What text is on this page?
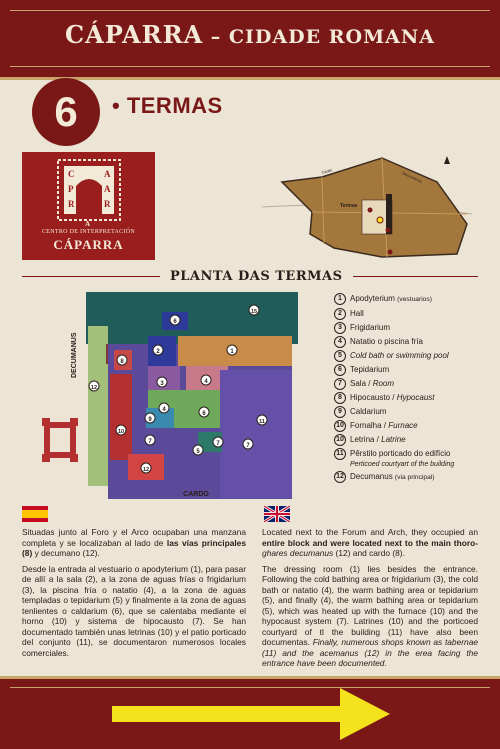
CÁPARRA – CIDADE ROMANA
6	• TERMAS
C	A
P	A
R	R
A
CENTRO DE INTERPRETACIÓN
CÁPARRA
Cardo	Decumanus
Termas
PLANTA DAS TERMAS
DECUMANUS
15
6
2	1
8
3	4
4
9
6
11
10
7	7
5
12
12
7
CARDO
1	Apodyterium (vestuarios)
2	Hall
3	Frigidarium
4	Natatio o piscina fría
5	Cold bath or swimming pool
6	Tepidarium
7	Sala / Room
8	Hipocausto / Hypocaust
9	Caldarium
10 Fornalha / Furnace
10 Letrina / Latrine
11 Pêrstilo porticado do edifício
Perticoed courtyart of the building
12 Decumanus (via principal)

Situadas junto al Foro y el Arco ocupaban una manzana completa y se localizaban al lado de las vías principales (8) y decumano (12).

Desde la entrada al vestuario o apodyterium (1), para pasar de allí a la sala (2), a la zona de aguas frías o frigidarium (3), la piscina fría o natatio (4), a la zona de aguas templadas o tepidarium (5) y finalmente a la zona de aguas tenlientes o caldarium (6), que se calentaba mediante el horno (10) y sistema de hipocausto (7). Se han documentado también unas letrinas (10) y el patio porticado del conjunto (11), se documentaron numerosos locales comerciales.

Located next to the Forum and Arch, they occupied an entire block and were located next to the main thoro-ghares decumanus (12) and cardo (8).

The dressing room (1) lies besides the entrance. Following the cold bathing area or frigidarium (3), the cold bath or natatio (4), the warm bathing area or tepidarium (5), and finally (4), the warm bathing area or tepidarium (5), which was heated up with the furnace (10) and the hypocaust system (7). Latrines (10) and the porticoed courtyard of tl the building (11) have also been documentas. Finally, numerous shops known as tabernae (11) and the acemanus (12) in the erea facing the entrance have been documented.
